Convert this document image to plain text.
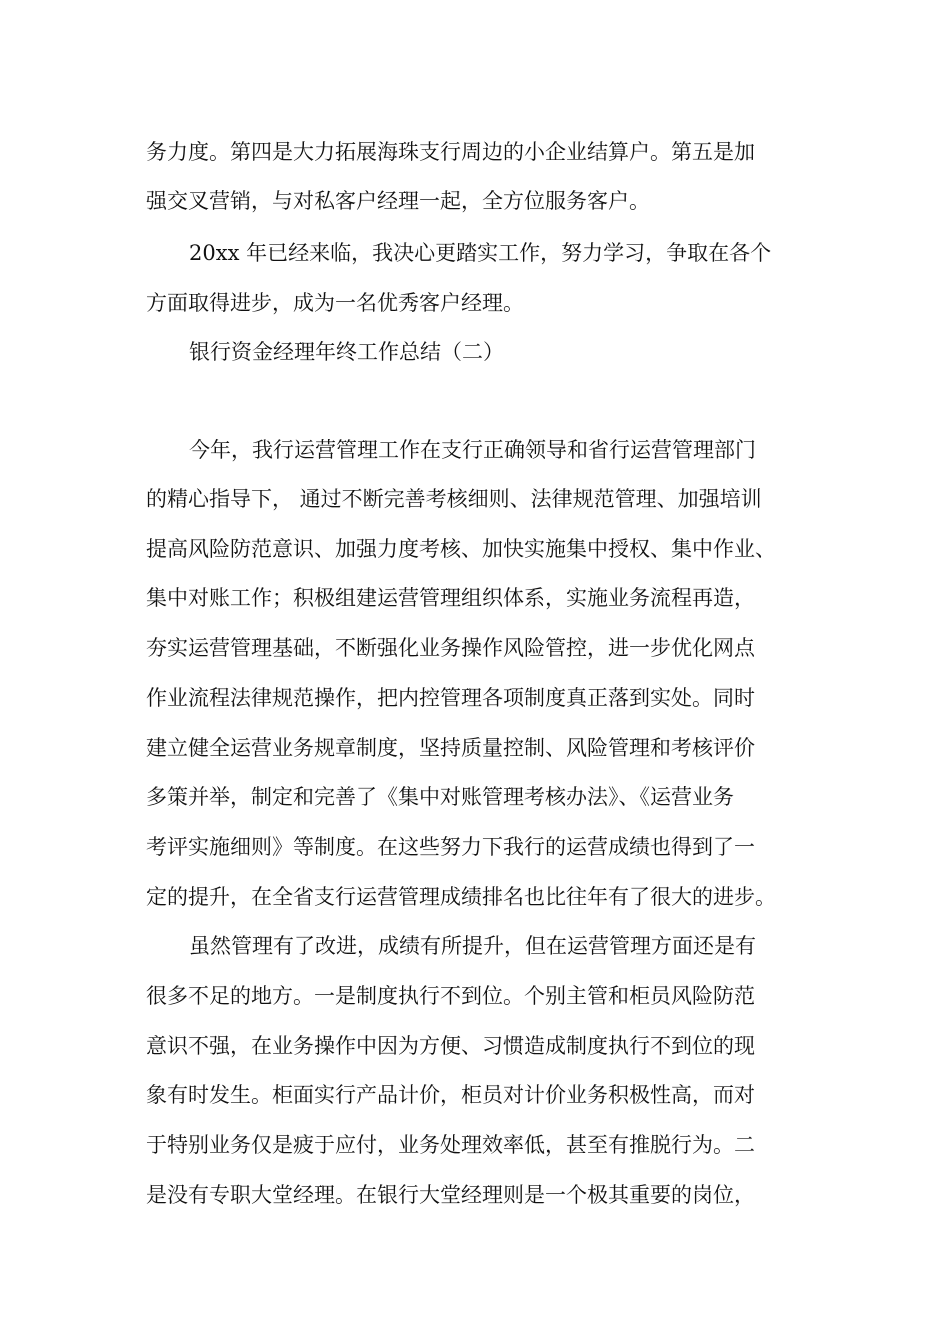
务力度。第四是大力拓展海珠支行周边的小企业结算户。第五是加
强交叉营销，与对私客户经理一起，全方位服务客户。
20xx 年已经来临，我决心更踏实工作，努力学习，争取在各个
方面取得进步，成为一名优秀客户经理。
银行资金经理年终工作总结（二）
今年，我行运营管理工作在支行正确领导和省行运营管理部门
的精心指导下， 通过不断完善考核细则、法律规范管理、加强培训
提高风险防范意识、加强力度考核、加快实施集中授权、集中作业、
集中对账工作；积极组建运营管理组织体系，实施业务流程再造，
夯实运营管理基础，不断强化业务操作风险管控，进一步优化网点
作业流程法律规范操作，把内控管理各项制度真正落到实处。同时
建立健全运营业务规章制度，坚持质量控制、风险管理和考核评价
多策并举，制定和完善了《集中对账管理考核办法》、《运营业务
考评实施细则》等制度。在这些努力下我行的运营成绩也得到了一
定的提升，在全省支行运营管理成绩排名也比往年有了很大的进步。
虽然管理有了改进，成绩有所提升，但在运营管理方面还是有
很多不足的地方。一是制度执行不到位。个别主管和柜员风险防范
意识不强，在业务操作中因为方便、习惯造成制度执行不到位的现
象有时发生。柜面实行产品计价，柜员对计价业务积极性高，而对
于特别业务仅是疲于应付，业务处理效率低，甚至有推脱行为。二
是没有专职大堂经理。在银行大堂经理则是一个极其重要的岗位，
